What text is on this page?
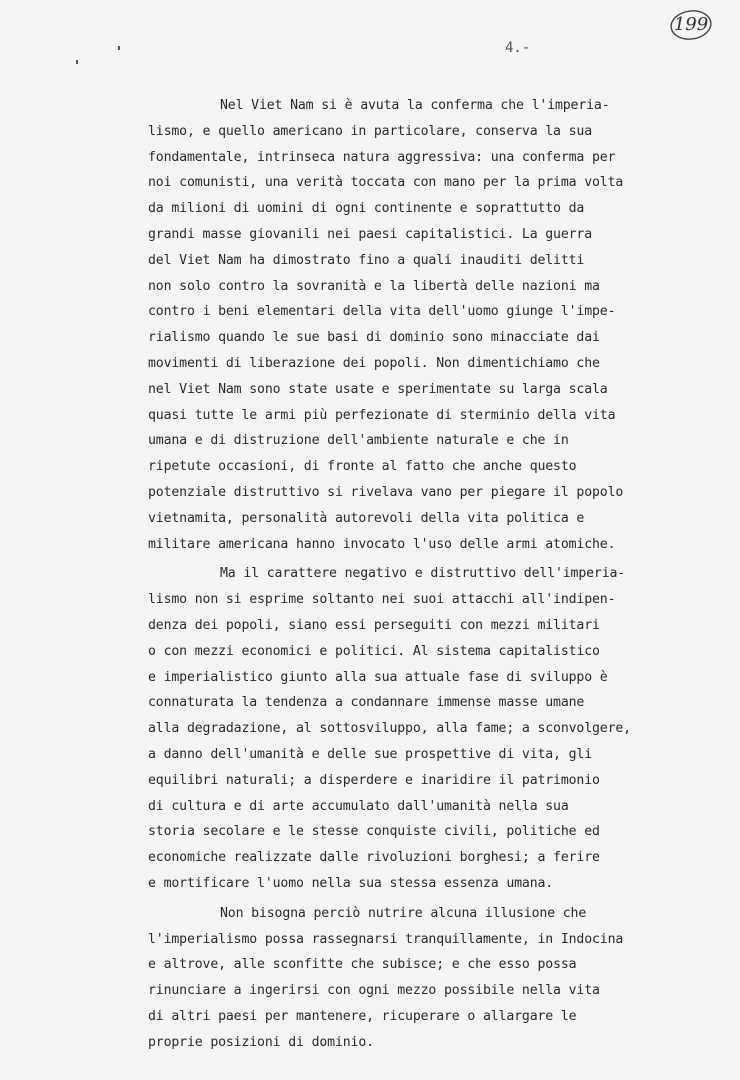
199
4.-
Nel Viet Nam si è avuta la conferma che l'imperia-
lismo, e quello americano in particolare, conserva la sua
fondamentale, intrinseca natura aggressiva: una conferma per
noi comunisti, una verità toccata con mano per la prima volta
da milioni di uomini di ogni continente e soprattutto da
grandi masse giovanili nei paesi capitalistici. La guerra
del Viet Nam ha dimostrato fino a quali inauditi delitti
non solo contro la sovranità e la libertà delle nazioni ma
contro i beni elementari della vita dell'uomo giunge l'impe-
rialismo quando le sue basi di dominio sono minacciate dai
movimenti di liberazione dei popoli. Non dimentichiamo che
nel Viet Nam sono state usate e sperimentate su larga scala
quasi tutte le armi più perfezionate di sterminio della vita
umana e di distruzione dell'ambiente naturale e che in
ripetute occasioni, di fronte al fatto che anche questo
potenziale distruttivo si rivelava vano per piegare il popolo
vietnamita, personalità autorevoli della vita politica e
militare americana hanno invocato l'uso delle armi atomiche.
Ma il carattere negativo e distruttivo dell'imperia-
lismo non si esprime soltanto nei suoi attacchi all'indipen-
denza dei popoli, siano essi perseguiti con mezzi militari
o con mezzi economici e politici. Al sistema capitalistico
e imperialistico giunto alla sua attuale fase di sviluppo è
connaturata la tendenza a condannare immense masse umane
alla degradazione, al sottosviluppo, alla fame; a sconvolgere,
a danno dell'umanità e delle sue prospettive di vita, gli
equilibri naturali; a disperdere e inaridire il patrimonio
di cultura e di arte accumulato dall'umanità nella sua
storia secolare e le stesse conquiste civili, politiche ed
economiche realizzate dalle rivoluzioni borghesi; a ferire
e mortificare l'uomo nella sua stessa essenza umana.
Non bisogna perciò nutrire alcuna illusione che
l'imperialismo possa rassegnarsi tranquillamente, in Indocina
e altrove, alle sconfitte che subisce; e che esso possa
rinunciare a ingerirsi con ogni mezzo possibile nella vita
di altri paesi per mantenere, ricuperare o allargare le
proprie posizioni di dominio.
